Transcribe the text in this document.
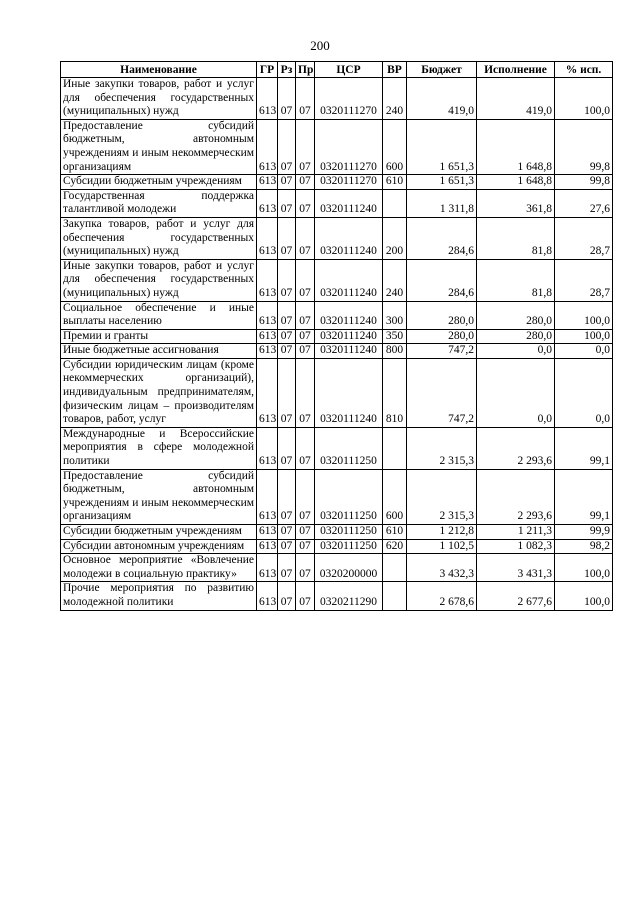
200
Наименование	ГР	Рз	Пр	ЦСР	ВР	Бюджет	Исполнение	% исп.
Иные закупки товаров, работ и услуг для обеспечения государственных (муниципальных) нужд	613	07	07	0320111270	240	419,0	419,0	100,0
Предоставление субсидий бюджетным, автономным учреждениям и иным некоммерческим организациям	613	07	07	0320111270	600	1 651,3	1 648,8	99,8
Субсидии бюджетным учреждениям	613	07	07	0320111270	610	1 651,3	1 648,8	99,8
Государственная поддержка талантливой молодежи	613	07	07	0320111240		1 311,8	361,8	27,6
Закупка товаров, работ и услуг для обеспечения государственных (муниципальных) нужд	613	07	07	0320111240	200	284,6	81,8	28,7
Иные закупки товаров, работ и услуг для обеспечения государственных (муниципальных) нужд	613	07	07	0320111240	240	284,6	81,8	28,7
Социальное обеспечение и иные выплаты населению	613	07	07	0320111240	300	280,0	280,0	100,0
Премии и гранты	613	07	07	0320111240	350	280,0	280,0	100,0
Иные бюджетные ассигнования	613	07	07	0320111240	800	747,2	0,0	0,0
Субсидии юридическим лицам (кроме некоммерческих организаций), индивидуальным предпринимателям, физическим лицам – производителям товаров, работ, услуг	613	07	07	0320111240	810	747,2	0,0	0,0
Международные и Всероссийские мероприятия в сфере молодежной политики	613	07	07	0320111250		2 315,3	2 293,6	99,1
Предоставление субсидий бюджетным, автономным учреждениям и иным некоммерческим организациям	613	07	07	0320111250	600	2 315,3	2 293,6	99,1
Субсидии бюджетным учреждениям	613	07	07	0320111250	610	1 212,8	1 211,3	99,9
Субсидии автономным учреждениям	613	07	07	0320111250	620	1 102,5	1 082,3	98,2
Основное мероприятие «Вовлечение молодежи в социальную практику»	613	07	07	0320200000		3 432,3	3 431,3	100,0
Прочие мероприятия по развитию молодежной политики	613	07	07	0320211290		2 678,6	2 677,6	100,0
